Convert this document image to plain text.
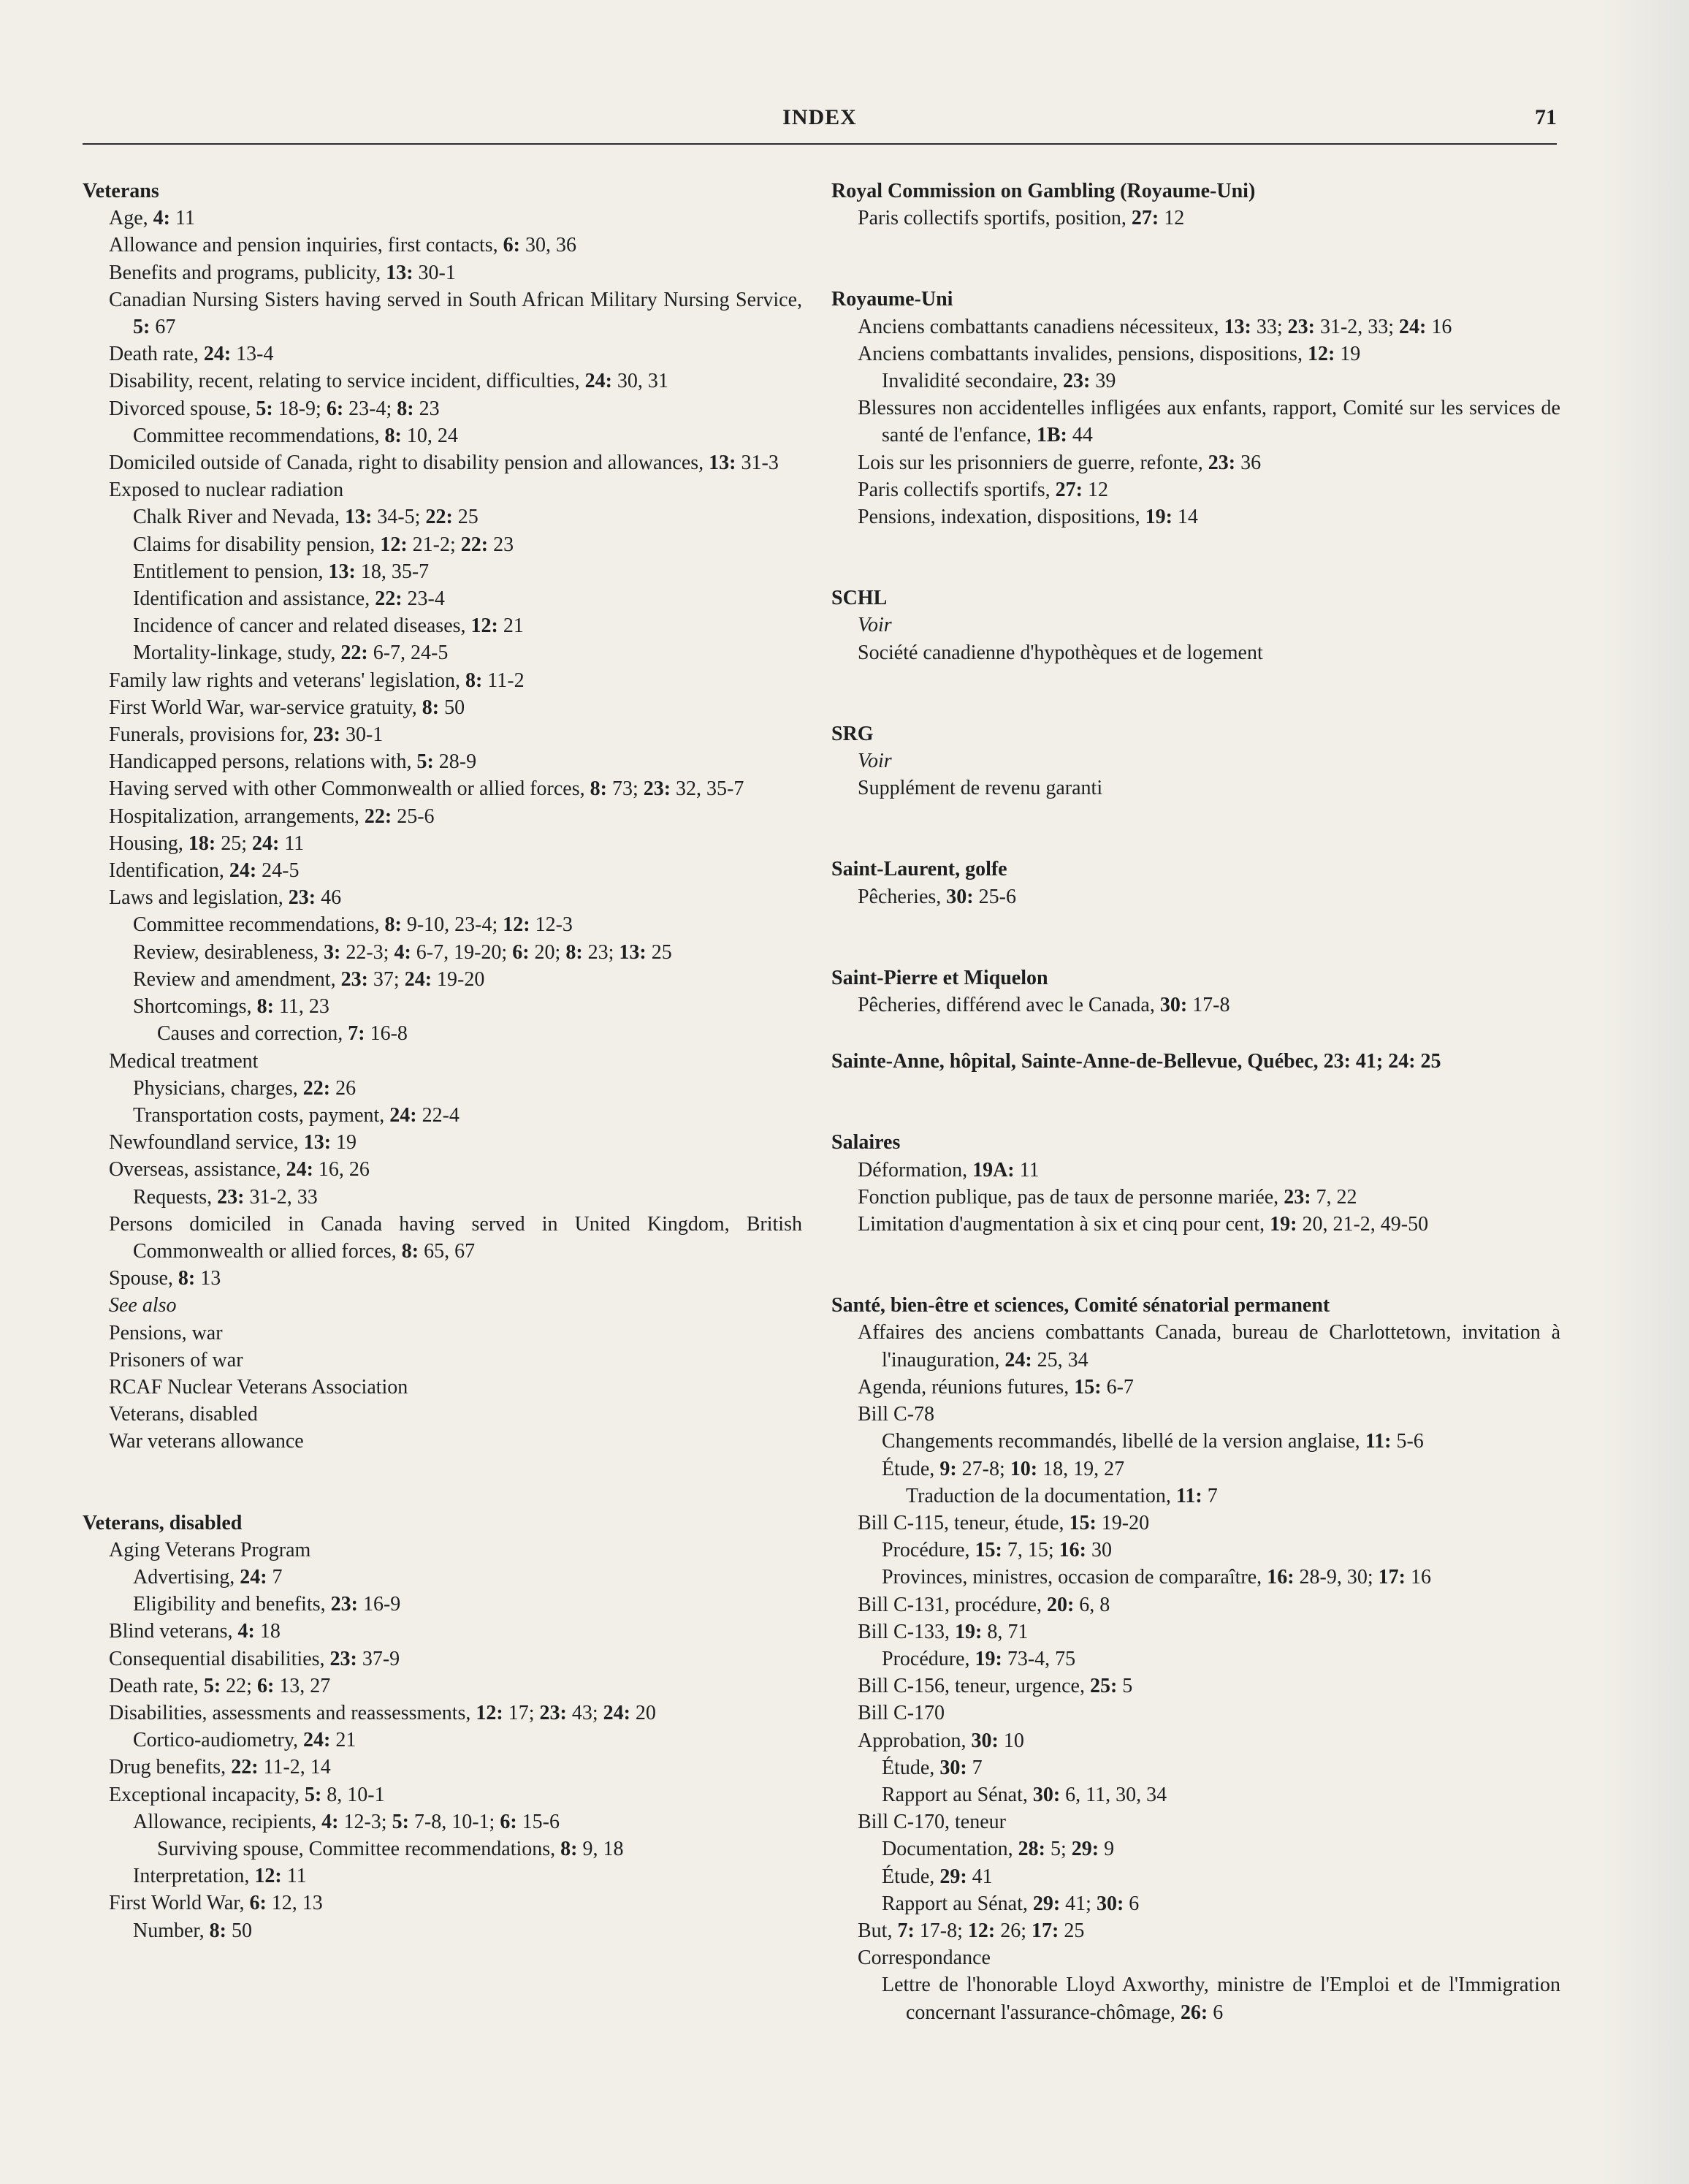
INDEX	71
Veterans
Age, 4: 11
Allowance and pension inquiries, first contacts, 6: 30, 36
Benefits and programs, publicity, 13: 30-1
Canadian Nursing Sisters having served in South African Military Nursing Service, 5: 67
Death rate, 24: 13-4
Disability, recent, relating to service incident, difficulties, 24: 30, 31
Divorced spouse, 5: 18-9; 6: 23-4; 8: 23
Committee recommendations, 8: 10, 24
Domiciled outside of Canada, right to disability pension and allowances, 13: 31-3
Exposed to nuclear radiation
Chalk River and Nevada, 13: 34-5; 22: 25
Claims for disability pension, 12: 21-2; 22: 23
Entitlement to pension, 13: 18, 35-7
Identification and assistance, 22: 23-4
Incidence of cancer and related diseases, 12: 21
Mortality-linkage, study, 22: 6-7, 24-5
Family law rights and veterans' legislation, 8: 11-2
First World War, war-service gratuity, 8: 50
Funerals, provisions for, 23: 30-1
Handicapped persons, relations with, 5: 28-9
Having served with other Commonwealth or allied forces, 8: 73; 23: 32, 35-7
Hospitalization, arrangements, 22: 25-6
Housing, 18: 25; 24: 11
Identification, 24: 24-5
Laws and legislation, 23: 46
Committee recommendations, 8: 9-10, 23-4; 12: 12-3
Review, desirableness, 3: 22-3; 4: 6-7, 19-20; 6: 20; 8: 23; 13: 25
Review and amendment, 23: 37; 24: 19-20
Shortcomings, 8: 11, 23
Causes and correction, 7: 16-8
Medical treatment
Physicians, charges, 22: 26
Transportation costs, payment, 24: 22-4
Newfoundland service, 13: 19
Overseas, assistance, 24: 16, 26
Requests, 23: 31-2, 33
Persons domiciled in Canada having served in United Kingdom, British Commonwealth or allied forces, 8: 65, 67
Spouse, 8: 13
See also
Pensions, war
Prisoners of war
RCAF Nuclear Veterans Association
Veterans, disabled
War veterans allowance
Veterans, disabled
Aging Veterans Program
Advertising, 24: 7
Eligibility and benefits, 23: 16-9
Blind veterans, 4: 18
Consequential disabilities, 23: 37-9
Death rate, 5: 22; 6: 13, 27
Disabilities, assessments and reassessments, 12: 17; 23: 43; 24: 20
Cortico-audiometry, 24: 21
Drug benefits, 22: 11-2, 14
Exceptional incapacity, 5: 8, 10-1
Allowance, recipients, 4: 12-3; 5: 7-8, 10-1; 6: 15-6
Surviving spouse, Committee recommendations, 8: 9, 18
Interpretation, 12: 11
First World War, 6: 12, 13
Number, 8: 50
Royal Commission on Gambling (Royaume-Uni)
Paris collectifs sportifs, position, 27: 12
Royaume-Uni
Anciens combattants canadiens nécessiteux, 13: 33; 23: 31-2, 33; 24: 16
Anciens combattants invalides, pensions, dispositions, 12: 19
Invalidité secondaire, 23: 39
Blessures non accidentelles infligées aux enfants, rapport, Comité sur les services de santé de l'enfance, 1B: 44
Lois sur les prisonniers de guerre, refonte, 23: 36
Paris collectifs sportifs, 27: 12
Pensions, indexation, dispositions, 19: 14
SCHL
Voir
Société canadienne d'hypothèques et de logement
SRG
Voir
Supplément de revenu garanti
Saint-Laurent, golfe
Pêcheries, 30: 25-6
Saint-Pierre et Miquelon
Pêcheries, différend avec le Canada, 30: 17-8
Sainte-Anne, hôpital, Sainte-Anne-de-Bellevue, Québec, 23: 41; 24: 25
Salaires
Déformation, 19A: 11
Fonction publique, pas de taux de personne mariée, 23: 7, 22
Limitation d'augmentation à six et cinq pour cent, 19: 20, 21-2, 49-50
Santé, bien-être et sciences, Comité sénatorial permanent
Affaires des anciens combattants Canada, bureau de Charlottetown, invitation à l'inauguration, 24: 25, 34
Agenda, réunions futures, 15: 6-7
Bill C-78
Changements recommandés, libellé de la version anglaise, 11: 5-6
Étude, 9: 27-8; 10: 18, 19, 27
Traduction de la documentation, 11: 7
Bill C-115, teneur, étude, 15: 19-20
Procédure, 15: 7, 15; 16: 30
Provinces, ministres, occasion de comparaître, 16: 28-9, 30; 17: 16
Bill C-131, procédure, 20: 6, 8
Bill C-133, 19: 8, 71
Procédure, 19: 73-4, 75
Bill C-156, teneur, urgence, 25: 5
Bill C-170
Approbation, 30: 10
Étude, 30: 7
Rapport au Sénat, 30: 6, 11, 30, 34
Bill C-170, teneur
Documentation, 28: 5; 29: 9
Étude, 29: 41
Rapport au Sénat, 29: 41; 30: 6
But, 7: 17-8; 12: 26; 17: 25
Correspondance
Lettre de l'honorable Lloyd Axworthy, ministre de l'Emploi et de l'Immigration concernant l'assurance-chômage, 26: 6
